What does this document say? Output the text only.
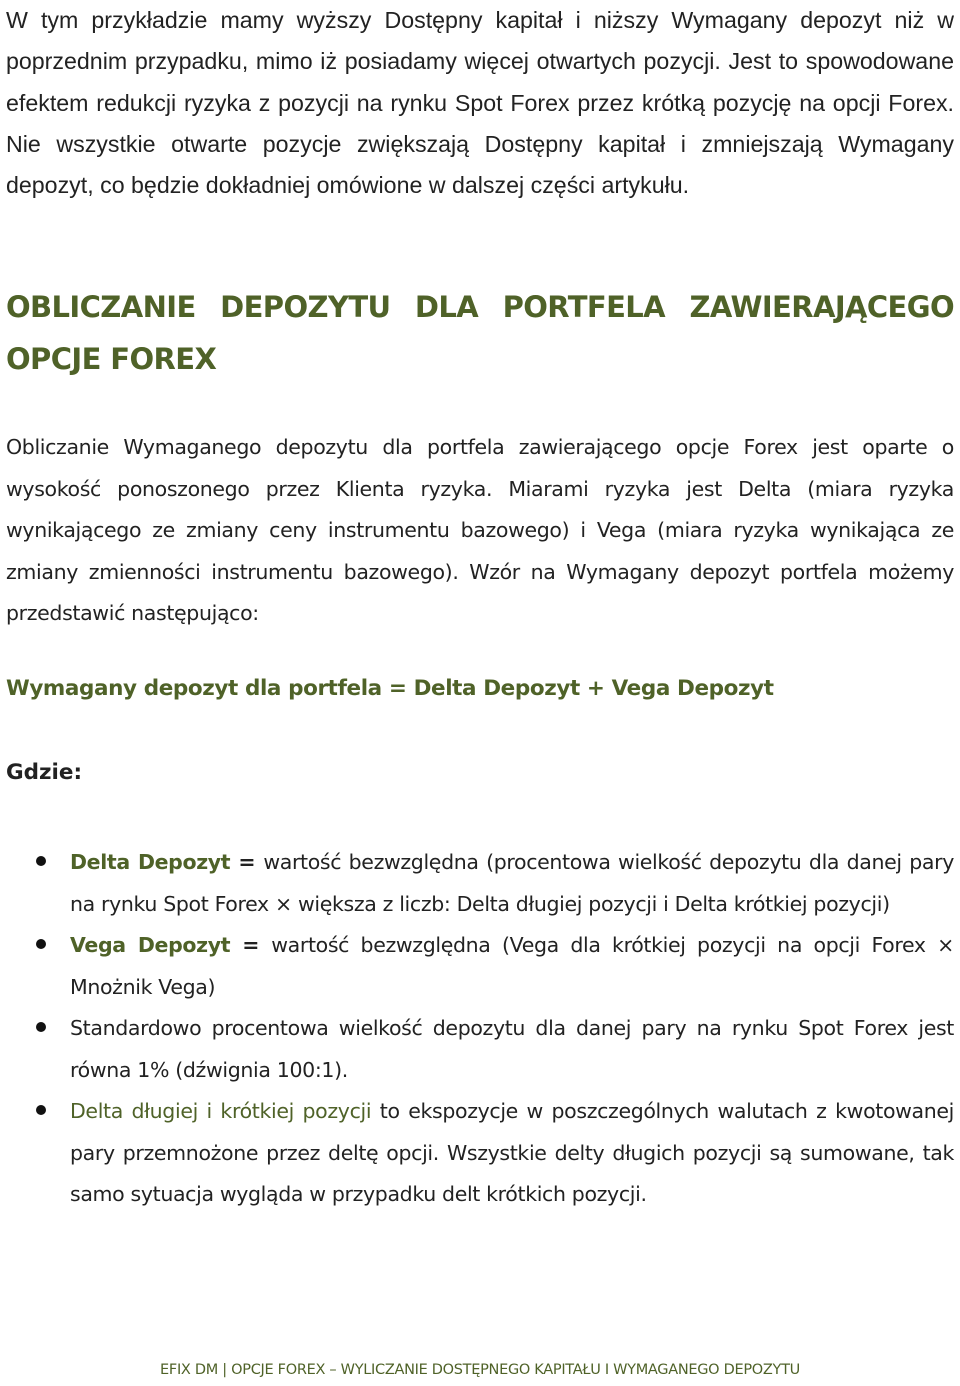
W tym przykładzie mamy wyższy Dostępny kapitał i niższy Wymagany depozyt niż w poprzednim przypadku, mimo iż posiadamy więcej otwartych pozycji. Jest to spowodowane efektem redukcji ryzyka z pozycji na rynku Spot Forex przez krótką pozycję na opcji Forex. Nie wszystkie otwarte pozycje zwiększają Dostępny kapitał i zmniejszają Wymagany depozyt, co będzie dokładniej omówione w dalszej części artykułu.

OBLICZANIE DEPOZYTU DLA PORTFELA ZAWIERAJĄCEGO OPCJE FOREX

Obliczanie Wymaganego depozytu dla portfela zawierającego opcje Forex jest oparte o wysokość ponoszonego przez Klienta ryzyka. Miarami ryzyka jest Delta (miara ryzyka wynikającego ze zmiany ceny instrumentu bazowego) i Vega (miara ryzyka wynikająca ze zmiany zmienności instrumentu bazowego). Wzór na Wymagany depozyt portfela możemy przedstawić następująco:

Wymagany depozyt dla portfela = Delta Depozyt + Vega Depozyt
Gdzie:
Delta Depozyt = wartość bezwzględna (procentowa wielkość depozytu dla danej pary na rynku Spot Forex × większa z liczb: Delta długiej pozycji i Delta krótkiej pozycji)
Vega Depozyt = wartość bezwzględna (Vega dla krótkiej pozycji na opcji Forex × Mnożnik Vega)
Standardowo procentowa wielkość depozytu dla danej pary na rynku Spot Forex jest równa 1% (dźwignia 100:1).
Delta długiej i krótkiej pozycji to ekspozycje w poszczególnych walutach z kwotowanej pary przemnożone przez deltę opcji. Wszystkie delty długich pozycji są sumowane, tak samo sytuacja wygląda w przypadku delt krótkich pozycji.
EFIX DM | OPCJE FOREX – WYLICZANIE DOSTĘPNEGO KAPITAŁU I WYMAGANEGO DEPOZYTU
